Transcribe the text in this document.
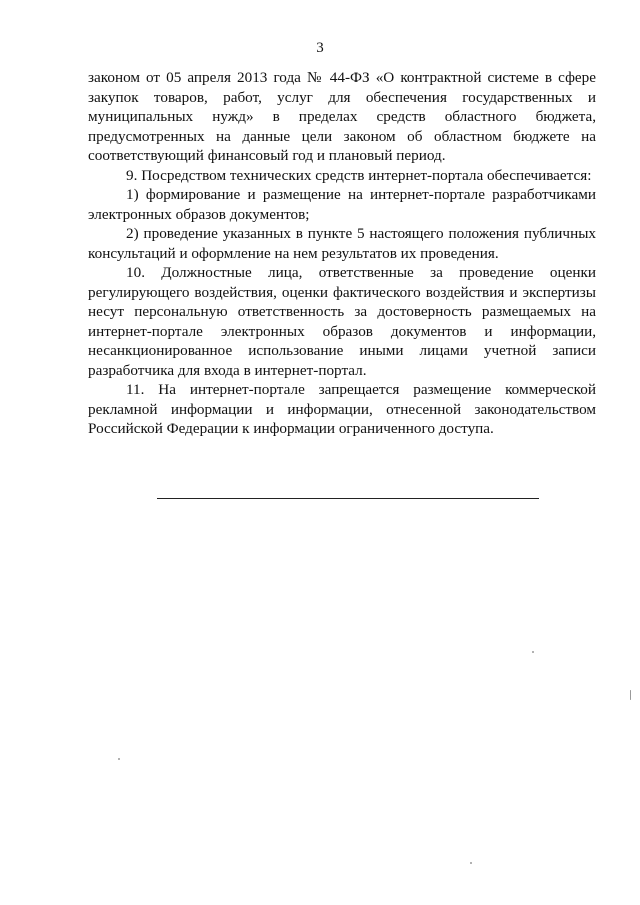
3

законом от 05 апреля 2013 года № 44-ФЗ «О контрактной системе в сфере закупок товаров, работ, услуг для обеспечения государственных и муниципальных нужд» в пределах средств областного бюджета, предусмотренных на данные цели законом об областном бюджете на соответствующий финансовый год и плановый период.

9. Посредством технических средств интернет-портала обеспечивается:

1) формирование и размещение на интернет-портале разработчиками электронных образов документов;

2) проведение указанных в пункте 5 настоящего положения публичных консультаций и оформление на нем результатов их проведения.

10. Должностные лица, ответственные за проведение оценки регулирующего воздействия, оценки фактического воздействия и экспертизы несут персональную ответственность за достоверность размещаемых на интернет-портале электронных образов документов и информации, несанкционированное использование иными лицами учетной записи разработчика для входа в интернет-портал.

11. На интернет-портале запрещается размещение коммерческой рекламной информации и информации, отнесенной законодательством Российской Федерации к информации ограниченного доступа.
